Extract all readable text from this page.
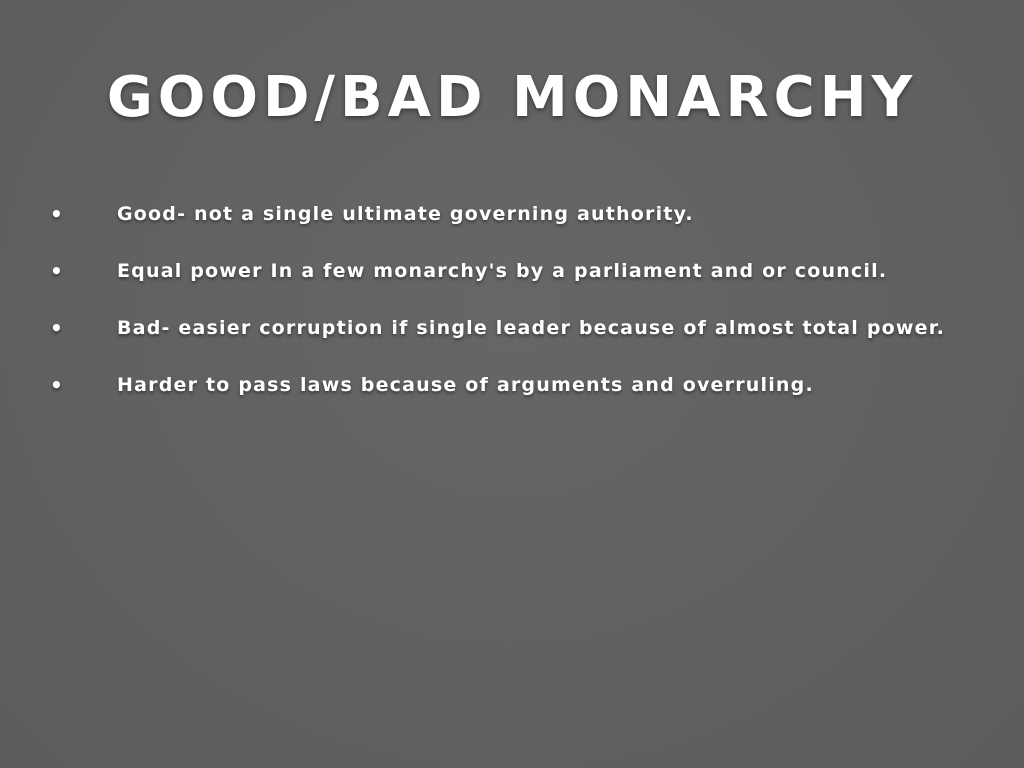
GOOD/BAD MONARCHY
•	Good- not a single ultimate governing authority.
•	Equal power In a few monarchy's by a parliament and or council.
•	Bad- easier corruption if single leader because of almost total power.
•	Harder to pass laws because of arguments and overruling.
